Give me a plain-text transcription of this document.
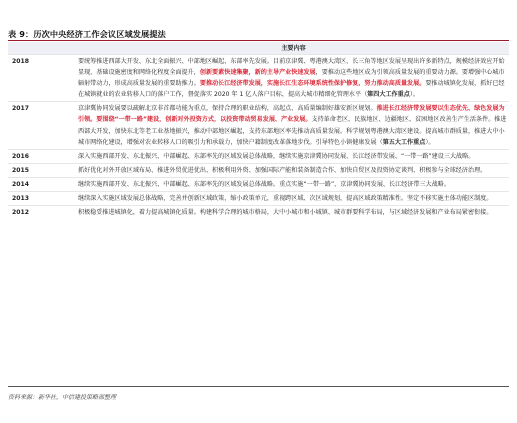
表 9：历次中央经济工作会议区域发展提法
主要内容
2018	要统筹推进西部大开发、东北全面振兴、中部地区崛起、东部率先发展。目前京津冀、粤港澳大湾区、长三角等地区发展呈现出许多新特点，规模经济效应开始显现，基础设施密度和网络化程度全面提升，创新要素快速集聚，新的主导产业快速发展，要推动这些地区成为引领高质量发展的重要动力源。要增强中心城市辐射带动力，形成高质量发展的重要助推力。要推动长江经济带发展，实施长江生态环境系统性保护修复，努力推动高质量发展。要推动城镇化发展，抓好已经在城镇就业的农业转移人口的落户工作，督促落实 2020 年 1 亿人落户目标，提高大城市精细化管理水平（第四大工作重点）。
2017	京津冀协同发展要以疏解北京非首都功能为重点，保持合理的职业结构，高起点、高质量编制好雄安新区规划。推进长江经济带发展要以生态优先、绿色发展为引领。要围绕“一带一路”建设，创新对外投资方式，以投资带动贸易发展、产业发展。支持革命老区、民族地区、边疆地区、贫困地区改善生产生活条件。推进西部大开发，加快东北等老工业基地振兴，推动中部地区崛起，支持东部地区率先推动高质量发展。科学规划粤港澳大湾区建设。提高城市群质量，推进大中小城市网络化建设，增强对农业转移人口的吸引力和承载力，加快户籍制度改革落地步伐。引导特色小镇健康发展（第五大工作重点）。
2016	深入实施西部开发、东北振兴、中部崛起、东部率先的区域发展总体战略，继续实施京津冀协同发展、长江经济带发展、“一带一路”建设三大战略。
2015	抓好优化对外开放区域布局、推进外贸优进优出、积极利用外资、加强国际产能和装备制造合作、加快自贸区及投资协定谈判、积极参与全球经济治理。
2014	继续实施西部开发、东北振兴、中部崛起、东部率先的区域发展总体战略。重点实施“一带一路”、京津冀协同发展、长江经济带三大战略。
2013	继续深入实施区域发展总体战略，完善并创新区域政策，缩小政策单元，重视跨区域、次区域规划，提高区域政策精准性。坚定不移实施主体功能区制度。
2012	积极稳妥推进城镇化，着力提高城镇化质量。构建科学合理的城市格局，大中小城市和小城镇、城市群要科学布局，与区域经济发展和产业布局紧密衔接。
资料来源：新华社，中信建投策略部整理
